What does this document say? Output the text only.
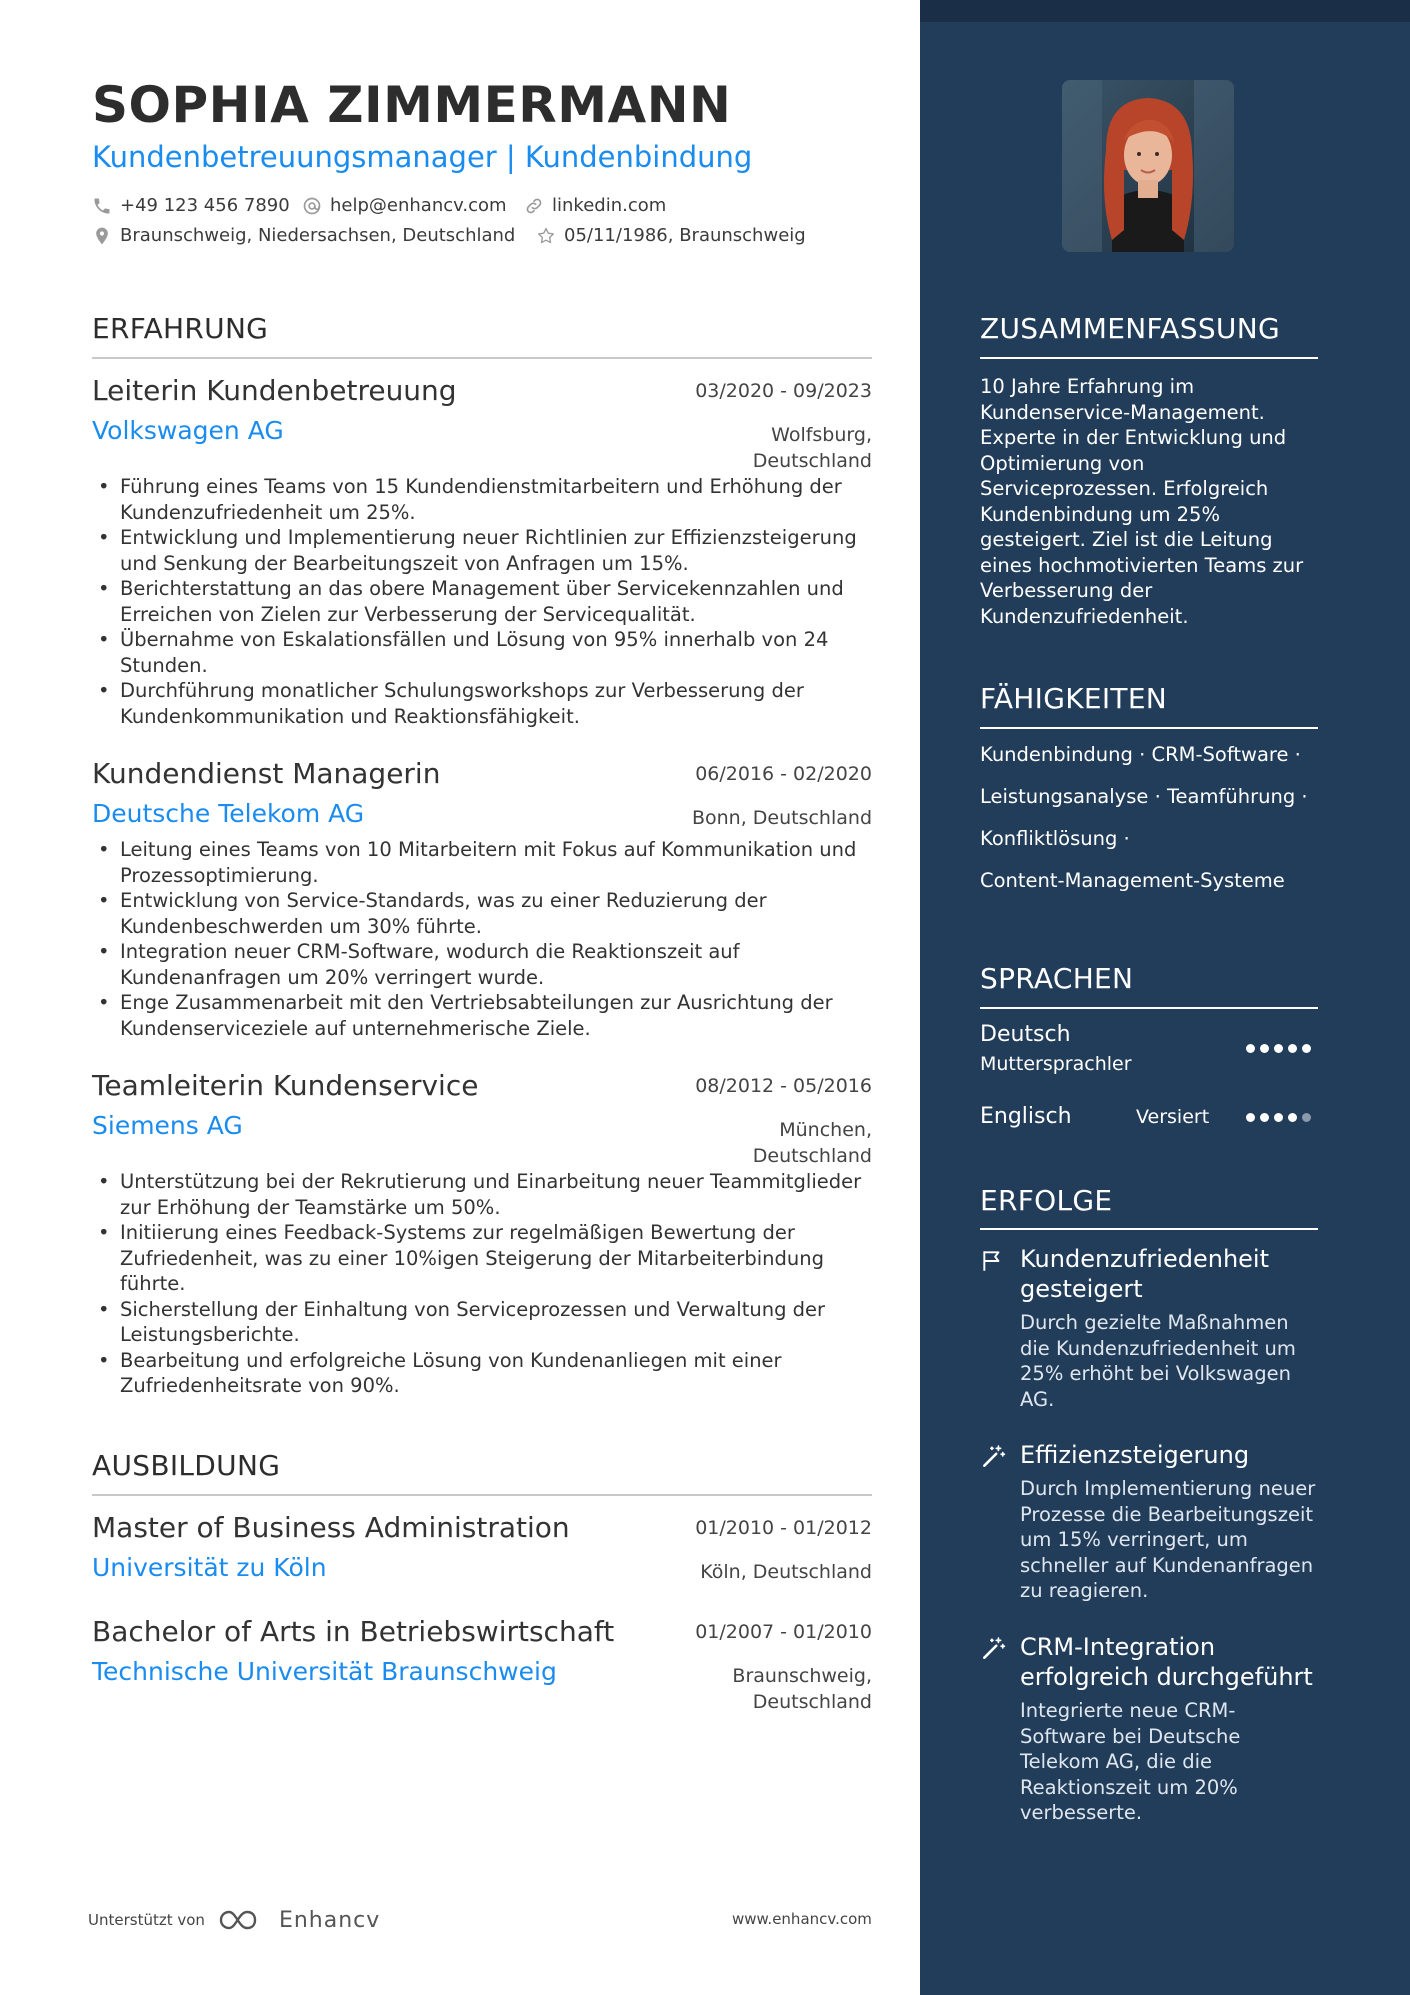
SOPHIA ZIMMERMANN
Kundenbetreuungsmanager | Kundenbindung
+49 123 456 7890 help@enhancv.com	linkedin.com
Braunschweig, Niedersachsen, Deutschland	05/11/1986, Braunschweig
ERFAHRUNG
Leiterin Kundenbetreuung	03/2020 - 09/2023
Volkswagen AG	Wolfsburg,
Deutschland
• Führung eines Teams von 15 Kundendienstmitarbeitern und Erhöhung der Kundenzufriedenheit um 25%.
• Entwicklung und Implementierung neuer Richtlinien zur Effizienzsteigerung und Senkung der Bearbeitungszeit von Anfragen um 15%.
• Berichterstattung an das obere Management über Servicekennzahlen und Erreichen von Zielen zur Verbesserung der Servicequalität.
• Übernahme von Eskalationsfällen und Lösung von 95% innerhalb von 24 Stunden.
• Durchführung monatlicher Schulungsworkshops zur Verbesserung der Kundenkommunikation und Reaktionsfähigkeit.
Kundendienst Managerin	06/2016 - 02/2020
Deutsche Telekom AG	Bonn, Deutschland
• Leitung eines Teams von 10 Mitarbeitern mit Fokus auf Kommunikation und Prozessoptimierung.
• Entwicklung von Service-Standards, was zu einer Reduzierung der Kundenbeschwerden um 30% führte.
• Integration neuer CRM-Software, wodurch die Reaktionszeit auf Kundenanfragen um 20% verringert wurde.
• Enge Zusammenarbeit mit den Vertriebsabteilungen zur Ausrichtung der Kundenserviceziele auf unternehmerische Ziele.
Teamleiterin Kundenservice	08/2012 - 05/2016
Siemens AG	München,
Deutschland
• Unterstützung bei der Rekrutierung und Einarbeitung neuer Teammitglieder zur Erhöhung der Teamstärke um 50%.
• Initiierung eines Feedback-Systems zur regelmäßigen Bewertung der Zufriedenheit, was zu einer 10%igen Steigerung der Mitarbeiterbindung führte.
• Sicherstellung der Einhaltung von Serviceprozessen und Verwaltung der Leistungsberichte.
• Bearbeitung und erfolgreiche Lösung von Kundenanliegen mit einer Zufriedenheitsrate von 90%.
AUSBILDUNG
Master of Business Administration	01/2010 - 01/2012
Universität zu Köln	Köln, Deutschland
Bachelor of Arts in Betriebswirtschaft	01/2007 - 01/2010
Technische Universität Braunschweig	Braunschweig,
Deutschland
Unterstützt von	Enhancv	www.enhancv.com
ZUSAMMENFASSUNG
10 Jahre Erfahrung im Kundenservice-Management. Experte in der Entwicklung und Optimierung von Serviceprozessen. Erfolgreich Kundenbindung um 25% gesteigert. Ziel ist die Leitung eines hochmotivierten Teams zur Verbesserung der Kundenzufriedenheit.
FÄHIGKEITEN
Kundenbindung · CRM-Software ·
Leistungsanalyse · Teamführung ·
Konfliktlösung ·
Content-Management-Systeme
SPRACHEN
Deutsch
Muttersprachler
Englisch	Versiert
ERFOLGE
Kundenzufriedenheit gesteigert
Durch gezielte Maßnahmen die Kundenzufriedenheit um 25% erhöht bei Volkswagen AG.
Effizienzsteigerung
Durch Implementierung neuer Prozesse die Bearbeitungszeit um 15% verringert, um schneller auf Kundenanfragen zu reagieren.
CRM-Integration erfolgreich durchgeführt
Integrierte neue CRM-Software bei Deutsche Telekom AG, die die Reaktionszeit um 20% verbesserte.
